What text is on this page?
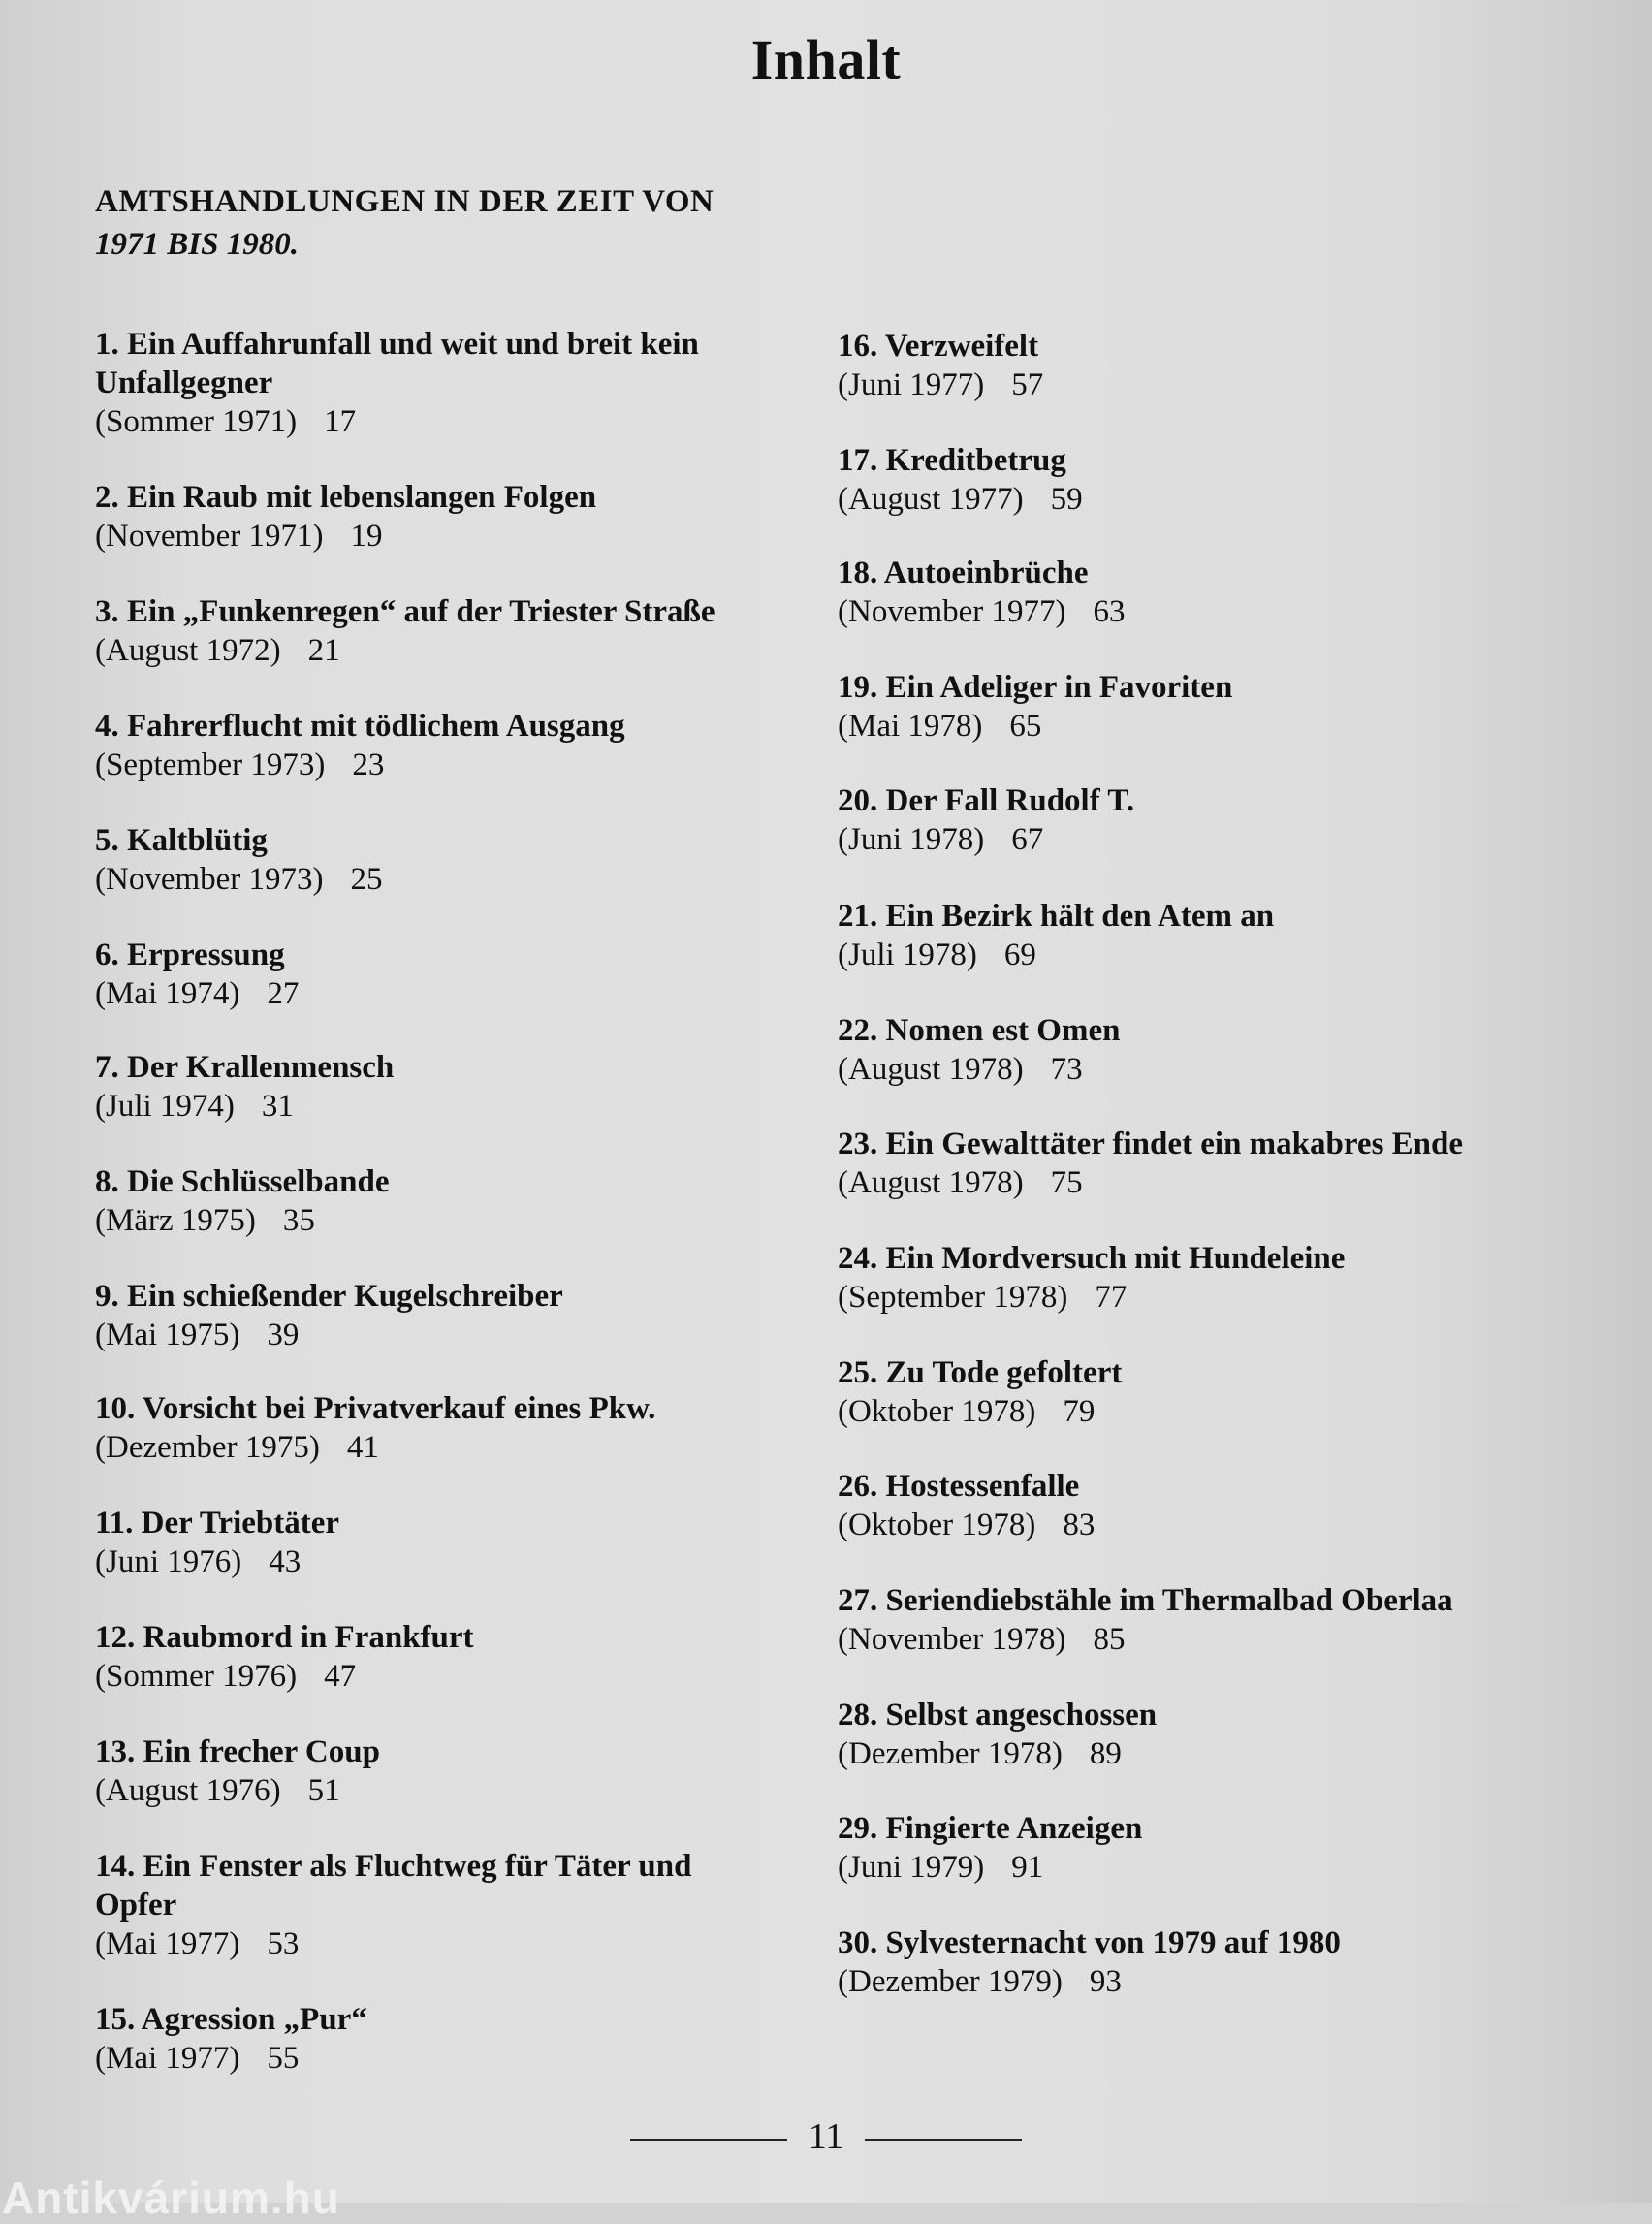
Inhalt
AMTSHANDLUNGEN IN DER ZEIT VON
1971 BIS 1980.
1. Ein Auffahrunfall und weit und breit kein
Unfallgegner
(Sommer 1971) 17
2. Ein Raub mit lebenslangen Folgen
(November 1971) 19
3. Ein „Funkenregen“ auf der Triester Straße
(August 1972) 21
4. Fahrerflucht mit tödlichem Ausgang
(September 1973) 23
5. Kaltblütig
(November 1973) 25
6. Erpressung
(Mai 1974) 27
7. Der Krallenmensch
(Juli 1974) 31
8. Die Schlüsselbande
(März 1975) 35
9. Ein schießender Kugelschreiber
(Mai 1975) 39
10. Vorsicht bei Privatverkauf eines Pkw.
(Dezember 1975) 41
11. Der Triebtäter
(Juni 1976) 43
12. Raubmord in Frankfurt
(Sommer 1976) 47
13. Ein frecher Coup
(August 1976) 51
14. Ein Fenster als Fluchtweg für Täter und
Opfer
(Mai 1977) 53
15. Agression „Pur“
(Mai 1977) 55
16. Verzweifelt
(Juni 1977) 57
17. Kreditbetrug
(August 1977) 59
18. Autoeinbrüche
(November 1977) 63
19. Ein Adeliger in Favoriten
(Mai 1978) 65
20. Der Fall Rudolf T.
(Juni 1978) 67
21. Ein Bezirk hält den Atem an
(Juli 1978) 69
22. Nomen est Omen
(August 1978) 73
23. Ein Gewalttäter findet ein makabres Ende
(August 1978) 75
24. Ein Mordversuch mit Hundeleine
(September 1978) 77
25. Zu Tode gefoltert
(Oktober 1978) 79
26. Hostessenfalle
(Oktober 1978) 83
27. Seriendiebstähle im Thermalbad Oberlaa
(November 1978) 85
28. Selbst angeschossen
(Dezember 1978) 89
29. Fingierte Anzeigen
(Juni 1979) 91
30. Sylvesternacht von 1979 auf 1980
(Dezember 1979) 93
11
Antikvárium.hu
